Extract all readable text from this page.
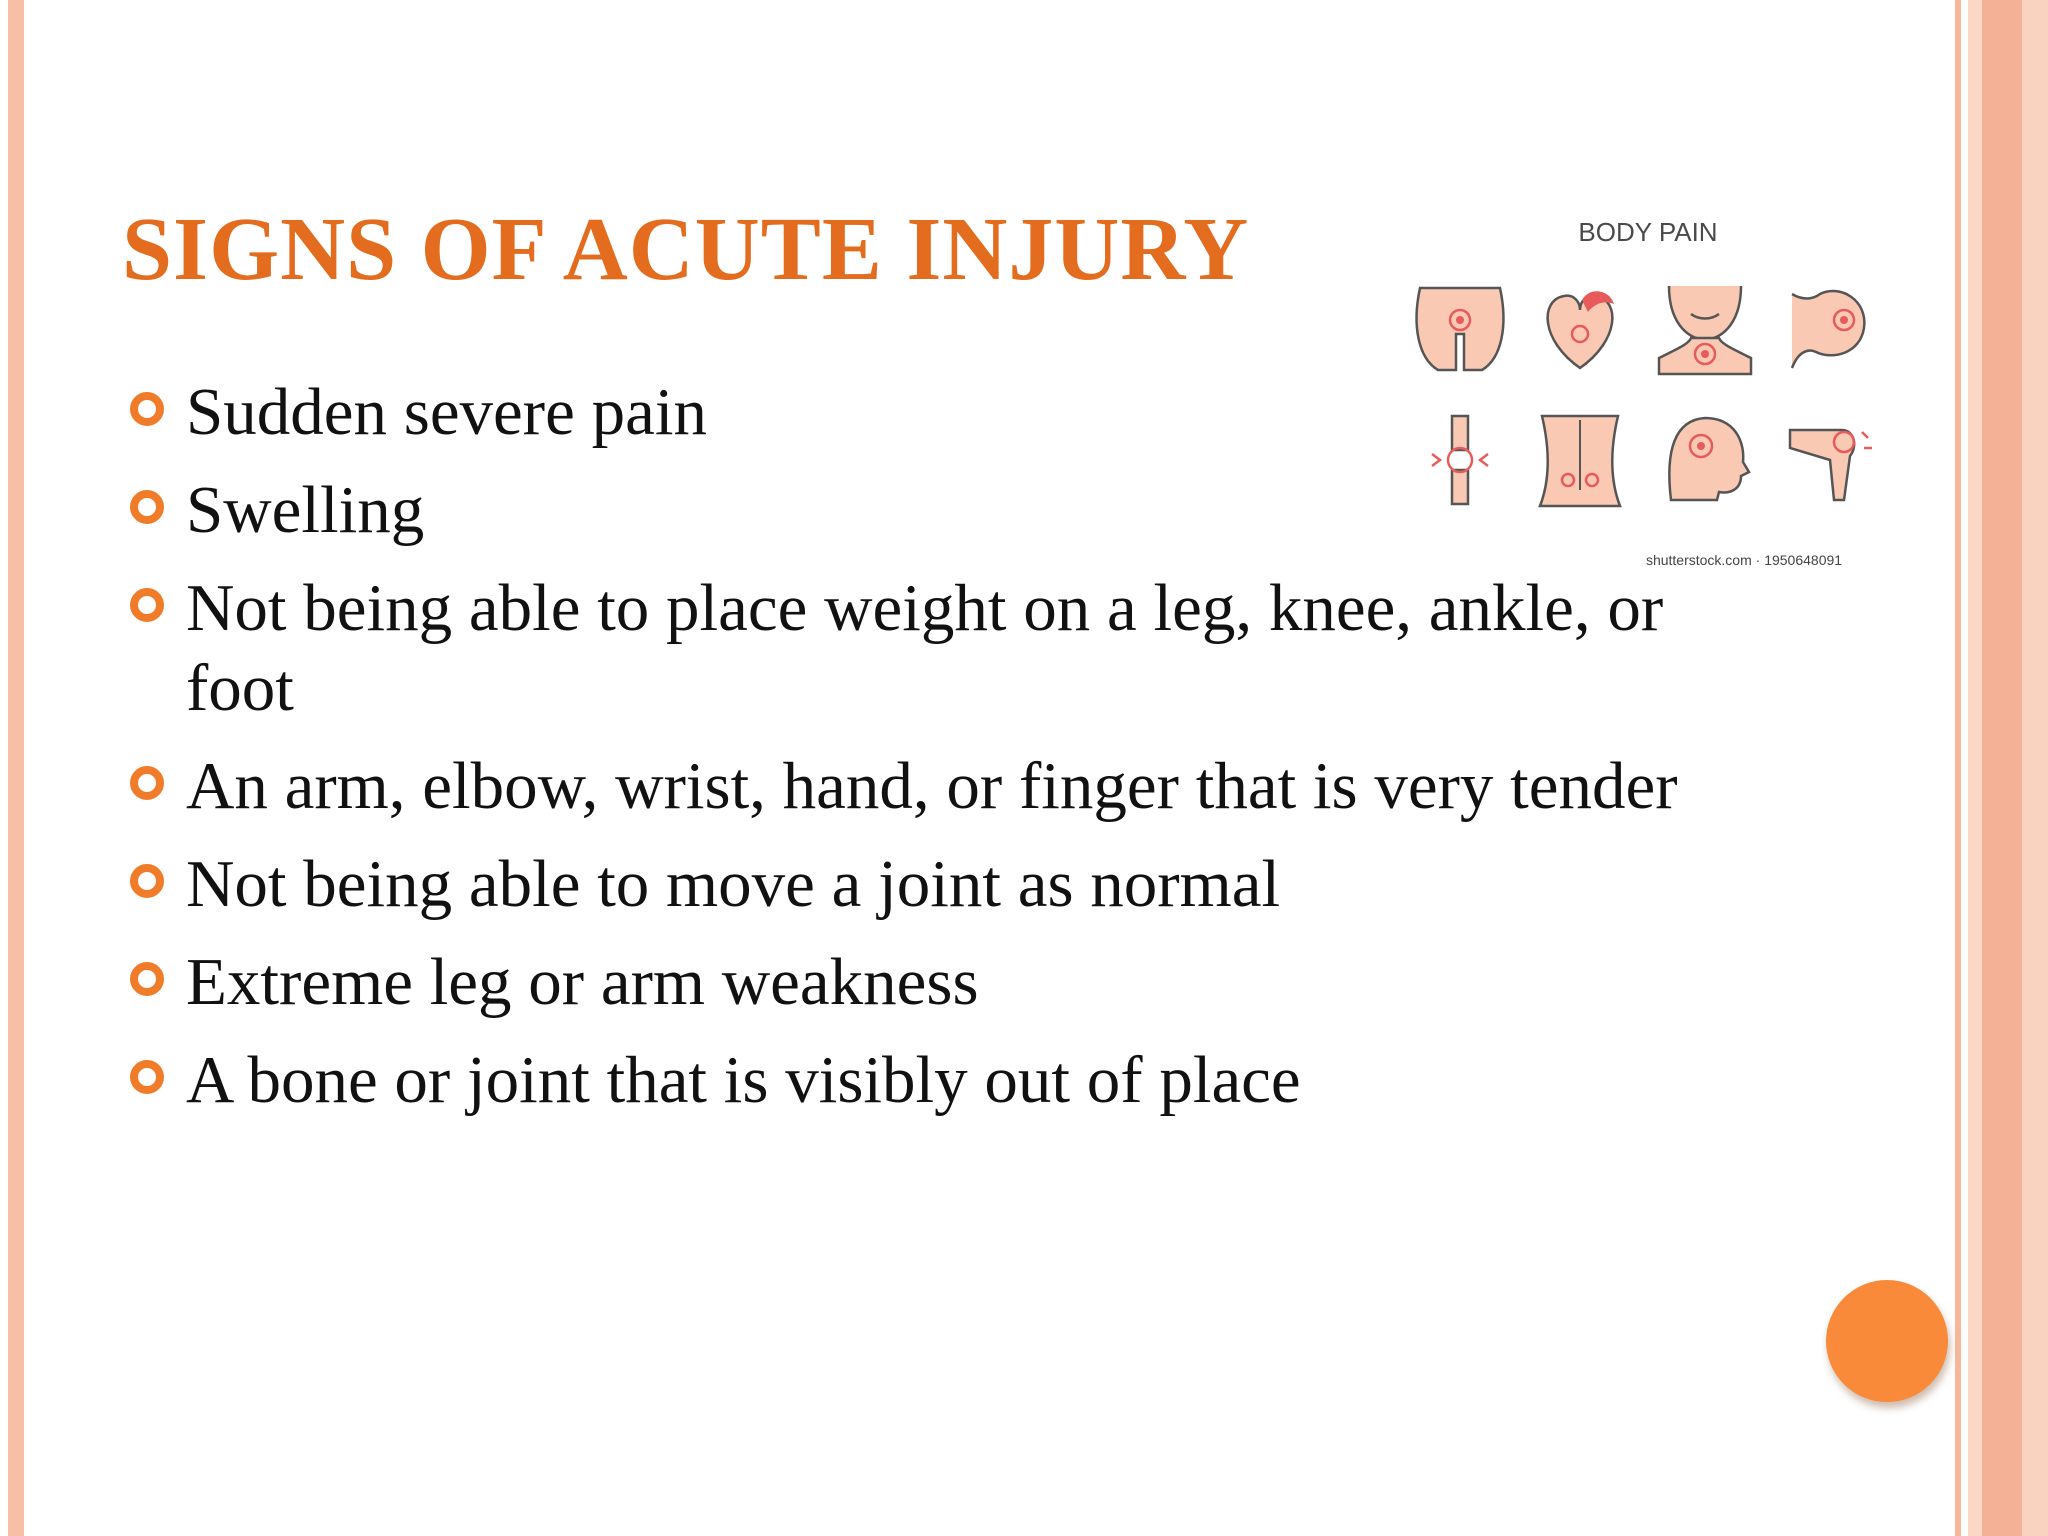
SIGNS OF ACUTE INJURY
Sudden severe pain
Swelling
Not being able to place weight on a leg, knee, ankle, or foot
An arm, elbow, wrist, hand, or finger that is very tender
Not being able to move a joint as normal
Extreme leg or arm weakness
A bone or joint that is visibly out of place
BODY PAIN
shutterstock.com · 1950648091
